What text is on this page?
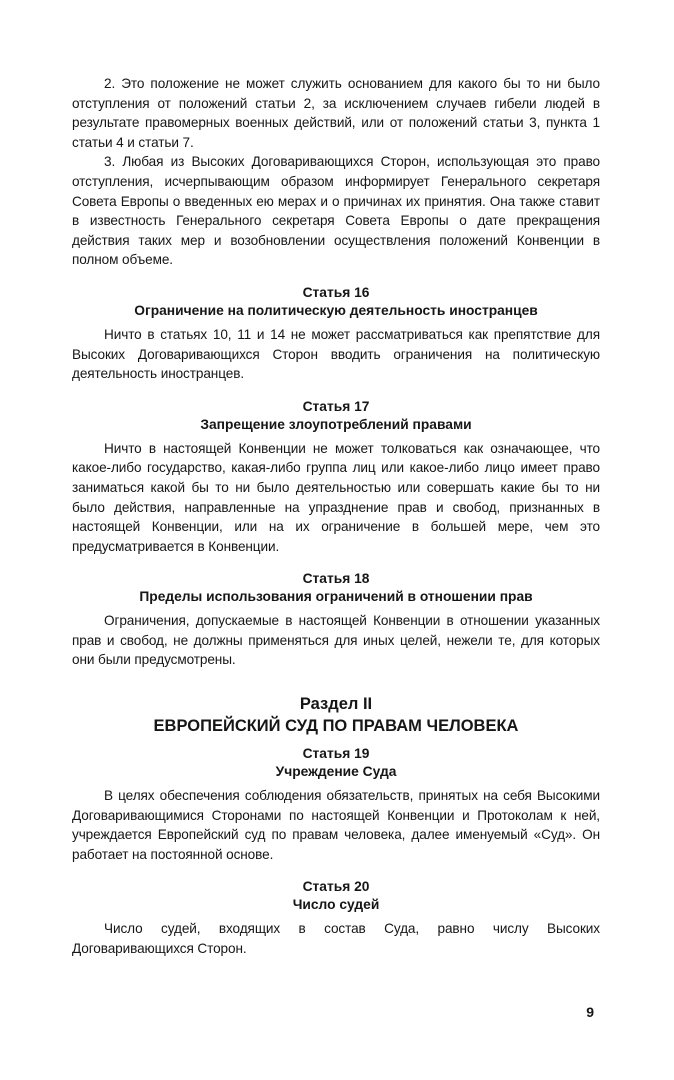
2. Это положение не может служить основанием для какого бы то ни было отступления от положений статьи 2, за исключением случаев гибели людей в результате правомерных военных действий, или от положений статьи 3, пункта 1 статьи 4 и статьи 7.

3. Любая из Высоких Договаривающихся Сторон, использующая это право отступления, исчерпывающим образом информирует Генерального секретаря Совета Европы о введенных ею мерах и о причинах их принятия. Она также ставит в известность Генерального секретаря Совета Европы о дате прекращения действия таких мер и возобновлении осуществления положений Конвенции в полном объеме.

Статья 16
Ограничение на политическую деятельность иностранцев

Ничто в статьях 10, 11 и 14 не может рассматриваться как препятствие для Высоких Договаривающихся Сторон вводить ограничения на политическую деятельность иностранцев.

Статья 17
Запрещение злоупотреблений правами

Ничто в настоящей Конвенции не может толковаться как означающее, что какое-либо государство, какая-либо группа лиц или какое-либо лицо имеет право заниматься какой бы то ни было деятельностью или совершать какие бы то ни было действия, направленные на упразднение прав и свобод, признанных в настоящей Конвенции, или на их ограничение в большей мере, чем это предусматривается в Конвенции.

Статья 18
Пределы использования ограничений в отношении прав

Ограничения, допускаемые в настоящей Конвенции в отношении указанных прав и свобод, не должны применяться для иных целей, нежели те, для которых они были предусмотрены.

Раздел II
ЕВРОПЕЙСКИЙ СУД ПО ПРАВАМ ЧЕЛОВЕКА
Статья 19
Учреждение Суда

В целях обеспечения соблюдения обязательств, принятых на себя Высокими Договаривающимися Сторонами по настоящей Конвенции и Протоколам к ней, учреждается Европейский суд по правам человека, далее именуемый «Суд». Он работает на постоянной основе.

Статья 20
Число судей

Число судей, входящих в состав Суда, равно числу Высоких Договаривающихся Сторон.

9
